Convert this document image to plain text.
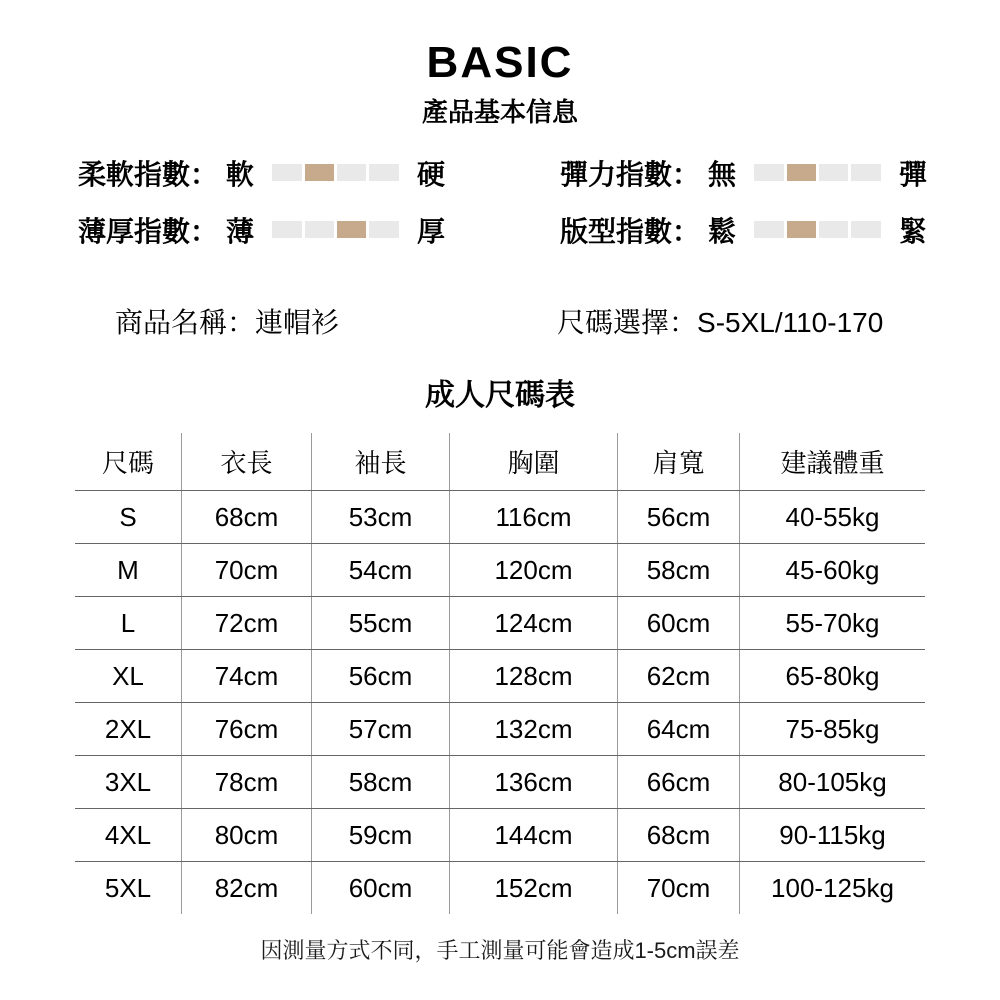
BASIC
產品基本信息
柔軟指數： 軟	硬	彈力指數： 無	彈
薄厚指數： 薄	厚	版型指數： 鬆	緊
商品名稱：連帽衫	尺碼選擇：S-5XL/110-170
成人尺碼表
尺碼	衣長	袖長	胸圍	肩寬	建議體重
S	68cm	53cm	116cm	56cm	40-55kg
M	70cm	54cm	120cm	58cm	45-60kg
L	72cm	55cm	124cm	60cm	55-70kg
XL	74cm	56cm	128cm	62cm	65-80kg
2XL	76cm	57cm	132cm	64cm	75-85kg
3XL	78cm	58cm	136cm	66cm	80-105kg
4XL	80cm	59cm	144cm	68cm	90-115kg
5XL	82cm	60cm	152cm	70cm	100-125kg
因測量方式不同，手工測量可能會造成1-5cm誤差
